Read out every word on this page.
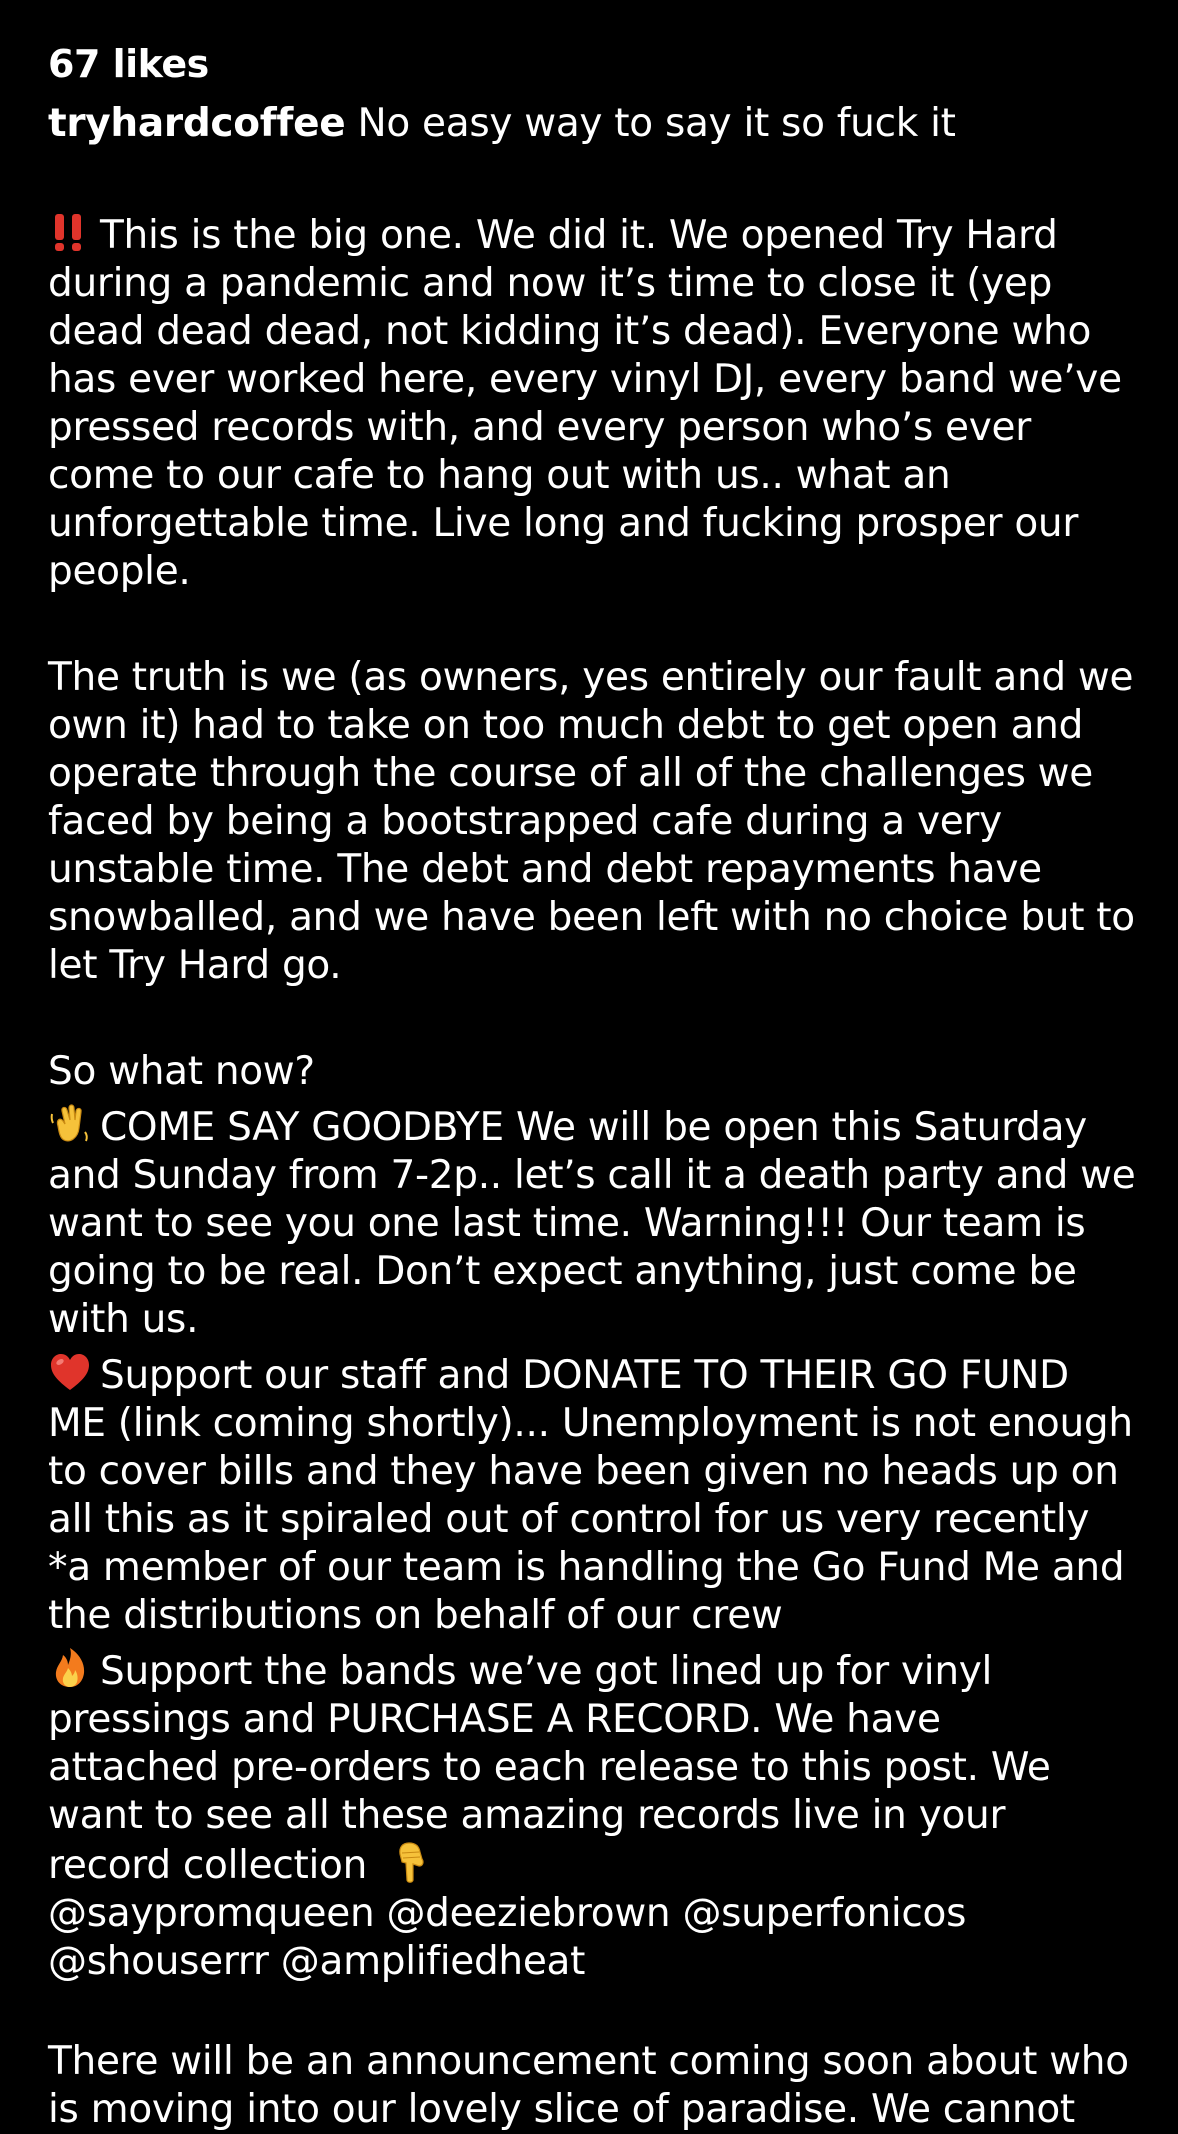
67 likes

tryhardcoffee No easy way to say it so fuck it

This is the big one. We did it. We opened Try Hard
during a pandemic and now it’s time to close it (yep
dead dead dead, not kidding it’s dead). Everyone who
has ever worked here, every vinyl DJ, every band we’ve
pressed records with, and every person who’s ever
come to our cafe to hang out with us.. what an
unforgettable time. Live long and fucking prosper our
people.
The truth is we (as owners, yes entirely our fault and we
own it) had to take on too much debt to get open and
operate through the course of all of the challenges we
faced by being a bootstrapped cafe during a very
unstable time. The debt and debt repayments have
snowballed, and we have been left with no choice but to
let Try Hard go.
So what now?
COME SAY GOODBYE We will be open this Saturday
and Sunday from 7-2p.. let’s call it a death party and we
want to see you one last time. Warning!!! Our team is
going to be real. Don’t expect anything, just come be
with us.
Support our staff and DONATE TO THEIR GO FUND
ME (link coming shortly)... Unemployment is not enough
to cover bills and they have been given no heads up on
all this as it spiraled out of control for us very recently
*a member of our team is handling the Go Fund Me and
the distributions on behalf of our crew
Support the bands we’ve got lined up for vinyl
pressings and PURCHASE A RECORD. We have
attached pre-orders to each release to this post. We
want to see all these amazing records live in your
record collection
@saypromqueen @deeziebrown @superfonicos
@shouserrr @amplifiedheat
There will be an announcement coming soon about who
is moving into our lovely slice of paradise. We cannot
